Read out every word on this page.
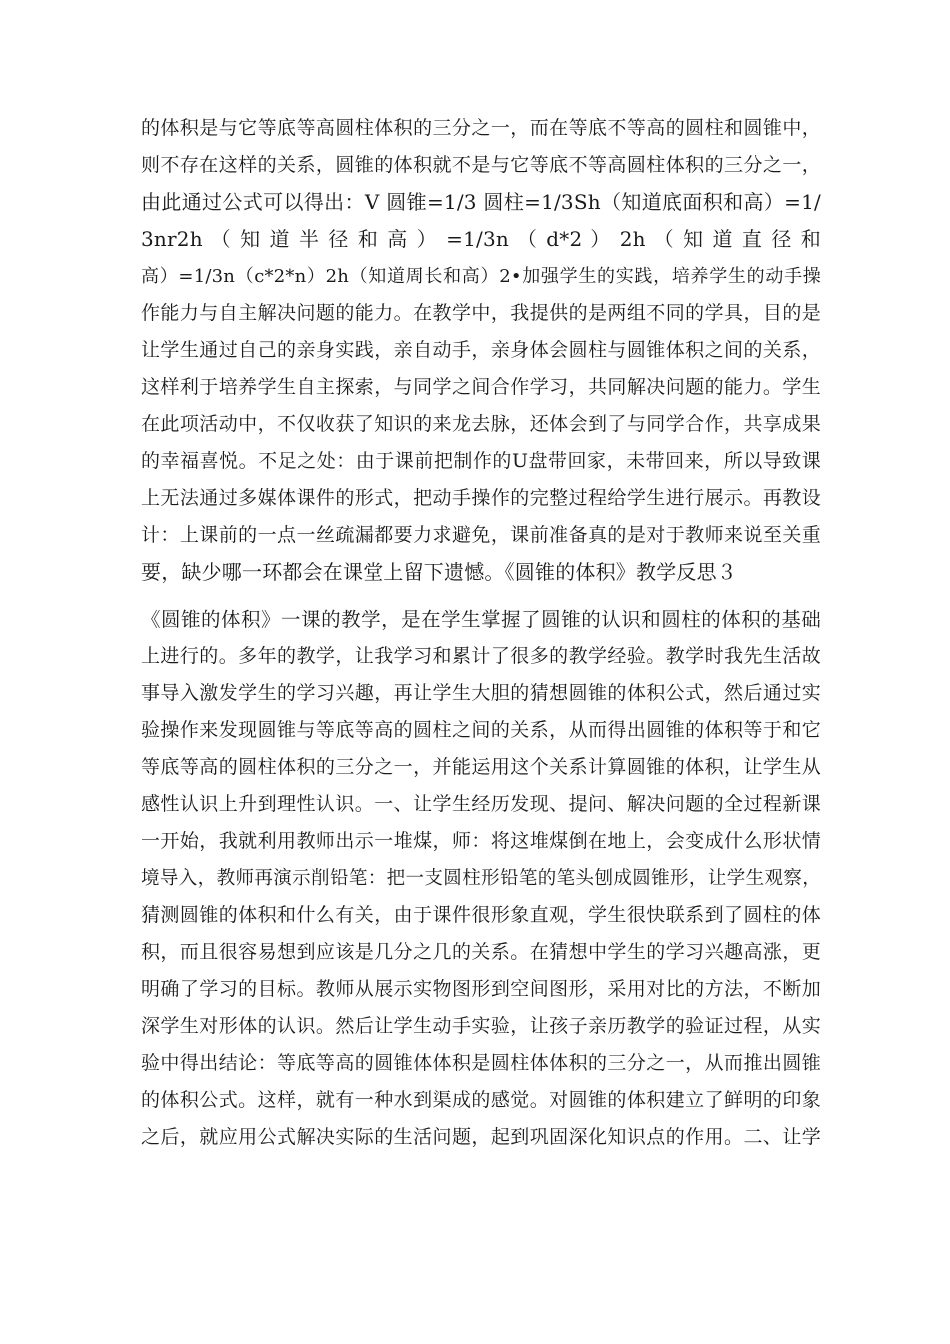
的体积是与它等底等高圆柱体积的三分之一，而在等底不等高的圆柱和圆锥中，
则不存在这样的关系，圆锥的体积就不是与它等底不等高圆柱体积的三分之一，
由此通过公式可以得出：V 圆锥=1/3 圆柱=1/3Sh（知道底面积和高）=1/
3nr2h （ 知 道 半 径 和 高 ） =1/3n （ d*2 ） 2h （ 知 道 直 径 和
高）=1/3n（c*2*n）2h（知道周长和高）2•加强学生的实践，培养学生的动手操
作能力与自主解决问题的能力。在教学中，我提供的是两组不同的学具，目的是
让学生通过自己的亲身实践，亲自动手，亲身体会圆柱与圆锥体积之间的关系，
这样利于培养学生自主探索，与同学之间合作学习，共同解决问题的能力。学生
在此项活动中，不仅收获了知识的来龙去脉，还体会到了与同学合作，共享成果
的幸福喜悦。不足之处：由于课前把制作的U盘带回家，未带回来，所以导致课
上无法通过多媒体课件的形式，把动手操作的完整过程给学生进行展示。再教设
计：上课前的一点一丝疏漏都要力求避免，课前准备真的是对于教师来说至关重
要，缺少哪一环都会在课堂上留下遗憾。《圆锥的体积》教学反思３
《圆锥的体积》一课的教学，是在学生掌握了圆锥的认识和圆柱的体积的基础
上进行的。多年的教学，让我学习和累计了很多的教学经验。教学时我先生活故
事导入激发学生的学习兴趣，再让学生大胆的猜想圆锥的体积公式，然后通过实
验操作来发现圆锥与等底等高的圆柱之间的关系，从而得出圆锥的体积等于和它
等底等高的圆柱体积的三分之一，并能运用这个关系计算圆锥的体积，让学生从
感性认识上升到理性认识。一、让学生经历发现、提问、解决问题的全过程新课
一开始，我就利用教师出示一堆煤，师：将这堆煤倒在地上，会变成什么形状情
境导入，教师再演示削铅笔：把一支圆柱形铅笔的笔头刨成圆锥形，让学生观察，
猜测圆锥的体积和什么有关，由于课件很形象直观，学生很快联系到了圆柱的体
积，而且很容易想到应该是几分之几的关系。在猜想中学生的学习兴趣高涨，更
明确了学习的目标。教师从展示实物图形到空间图形，采用对比的方法，不断加
深学生对形体的认识。然后让学生动手实验，让孩子亲历教学的验证过程，从实
验中得出结论：等底等高的圆锥体体积是圆柱体体积的三分之一，从而推出圆锥
的体积公式。这样，就有一种水到渠成的感觉。对圆锥的体积建立了鲜明的印象
之后，就应用公式解决实际的生活问题，起到巩固深化知识点的作用。二、让学
